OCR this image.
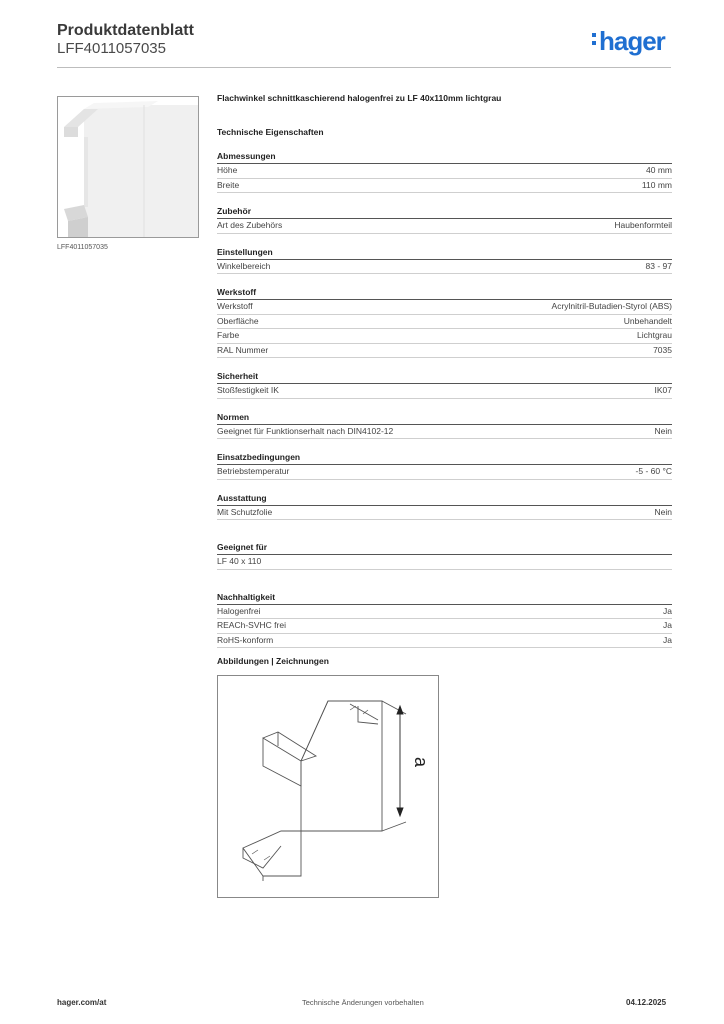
Produktdatenblatt
LFF4011057035	hager
LFF4011057035
Flachwinkel schnittkaschierend halogenfrei zu LF 40x110mm lichtgrau
Technische Eigenschaften
Abmessungen
Höhe	40 mm
Breite	110 mm
Zubehör
Art des Zubehörs	Haubenformteil
Einstellungen
Winkelbereich	83 - 97
Werkstoff
Werkstoff	Acrylnitril-Butadien-Styrol (ABS)
Oberfläche	Unbehandelt
Farbe	Lichtgrau
RAL Nummer	7035
Sicherheit
Stoßfestigkeit IK	IK07
Normen
Geeignet für Funktionserhalt nach DIN4102-12	Nein
Einsatzbedingungen
Betriebstemperatur	-5 - 60 °C
Ausstattung
Mit Schutzfolie	Nein
Geeignet für
LF 40 x 110
Nachhaltigkeit
Halogenfrei	Ja
REACh-SVHC frei	Ja
RoHS-konform	Ja
Abbildungen | Zeichnungen
a
hager.com/at	Technische Änderungen vorbehalten	04.12.2025
